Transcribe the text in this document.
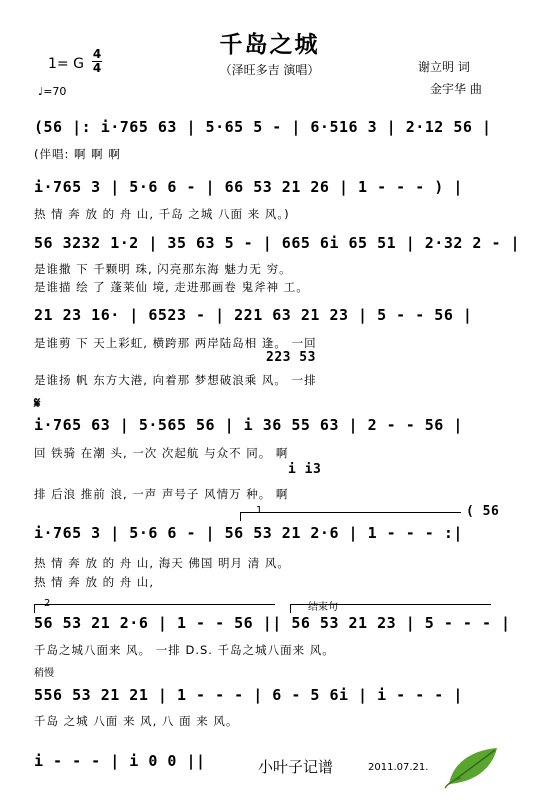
千岛之城
（泽旺多吉 演唱）
1= G
4
4
♩=70
谢立明 词
金宇华 曲
(56 |: i·765 63 | 5·65 5 - | 6·516 3 | 2·12 56 |
(伴唱: 啊 啊 啊
i·765 3 | 5·6 6 - | 66 53 21 26 | 1 - - - ) |
热 情 奔 放 的 舟 山, 千岛 之城 八面 来 风。)
56 3232 1·2 | 35 63 5 - | 665 6i 65 51 | 2·32 2 - |
是谁撒 下 千颗明 珠, 闪亮那东海 魅力无 穷。
是谁描 绘 了 蓬莱仙 境, 走进那画卷 鬼斧神 工。
21 23 16· | 6523 - | 221 63 21 23 | 5 - - 56 |
是谁剪 下 天上彩虹, 横跨那 两岸陆岛相 逢。 一回
223 53
是谁扬 帆 东方大港, 向着那 梦想破浪乘 风。 一排
𝄋
i·765 63 | 5·565 56 | i 36 55 63 | 2 - - 56 |
回 铁骑 在潮 头, 一次 次起航 与众不 同。 啊
i i3
排 后浪 推前 浪, 一声 声号子 风情万 种。 啊
1	( 56
i·765 3 | 5·6 6 - | 56 53 21 2·6 | 1 - - - :|
热 情 奔 放 的 舟 山, 海天 佛国 明月 清 风。
热 情 奔 放 的 舟 山,
2	结束句
56 53 21 2·6 | 1 - - 56 || 56 53 21 23 | 5 - - - |
千岛之城八面来 风。 一排 D.S. 千岛之城八面来 风。
稍慢
556 53 21 21 | 1 - - - | 6 - 5 6i | i - - - |
千岛 之城 八面 来 风, 八 面 来 风。
i - - - | i 0 0 ||	小叶子记谱	2011.07.21.
